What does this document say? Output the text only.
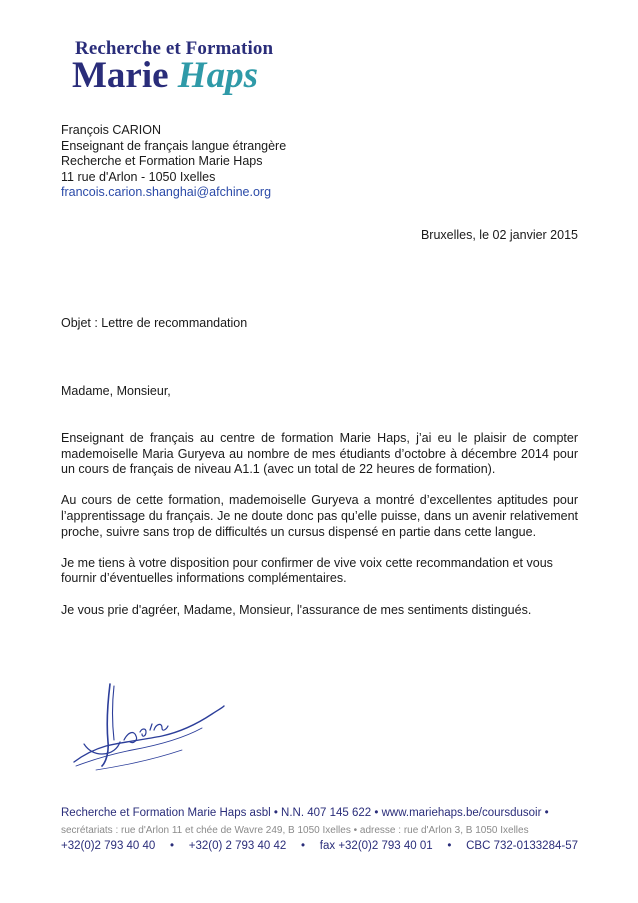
Recherche et Formation
Marie Haps
François CARION
Enseignant de français langue étrangère
Recherche et Formation Marie Haps
11 rue d'Arlon - 1050 Ixelles
francois.carion.shanghai@afchine.org
Bruxelles, le 02 janvier 2015
Objet : Lettre de recommandation
Madame, Monsieur,

Enseignant de français au centre de formation Marie Haps, j’ai eu le plaisir de compter mademoiselle Maria Guryeva au nombre de mes étudiants d’octobre à décembre 2014 pour un cours de français de niveau A1.1 (avec un total de 22 heures de formation).

Au cours de cette formation, mademoiselle Guryeva a montré d’excellentes aptitudes pour l’apprentissage du français. Je ne doute donc pas qu’elle puisse, dans un avenir relativement proche, suivre sans trop de difficultés un cursus dispensé en partie dans cette langue.

Je me tiens à votre disposition pour confirmer de vive voix cette recommandation et vous fournir d’éventuelles informations complémentaires.

Je vous prie d'agréer, Madame, Monsieur, l'assurance de mes sentiments distingués.

Recherche et Formation Marie Haps asbl • N.N. 407 145 622 • www.mariehaps.be/coursdusoir •
secrétariats : rue d'Arlon 11 et chée de Wavre 249, B 1050 Ixelles • adresse : rue d'Arlon 3, B 1050 Ixelles
+32(0)2 793 40 40 • +32(0) 2 793 40 42 • fax +32(0)2 793 40 01 • CBC 732-0133284-57
